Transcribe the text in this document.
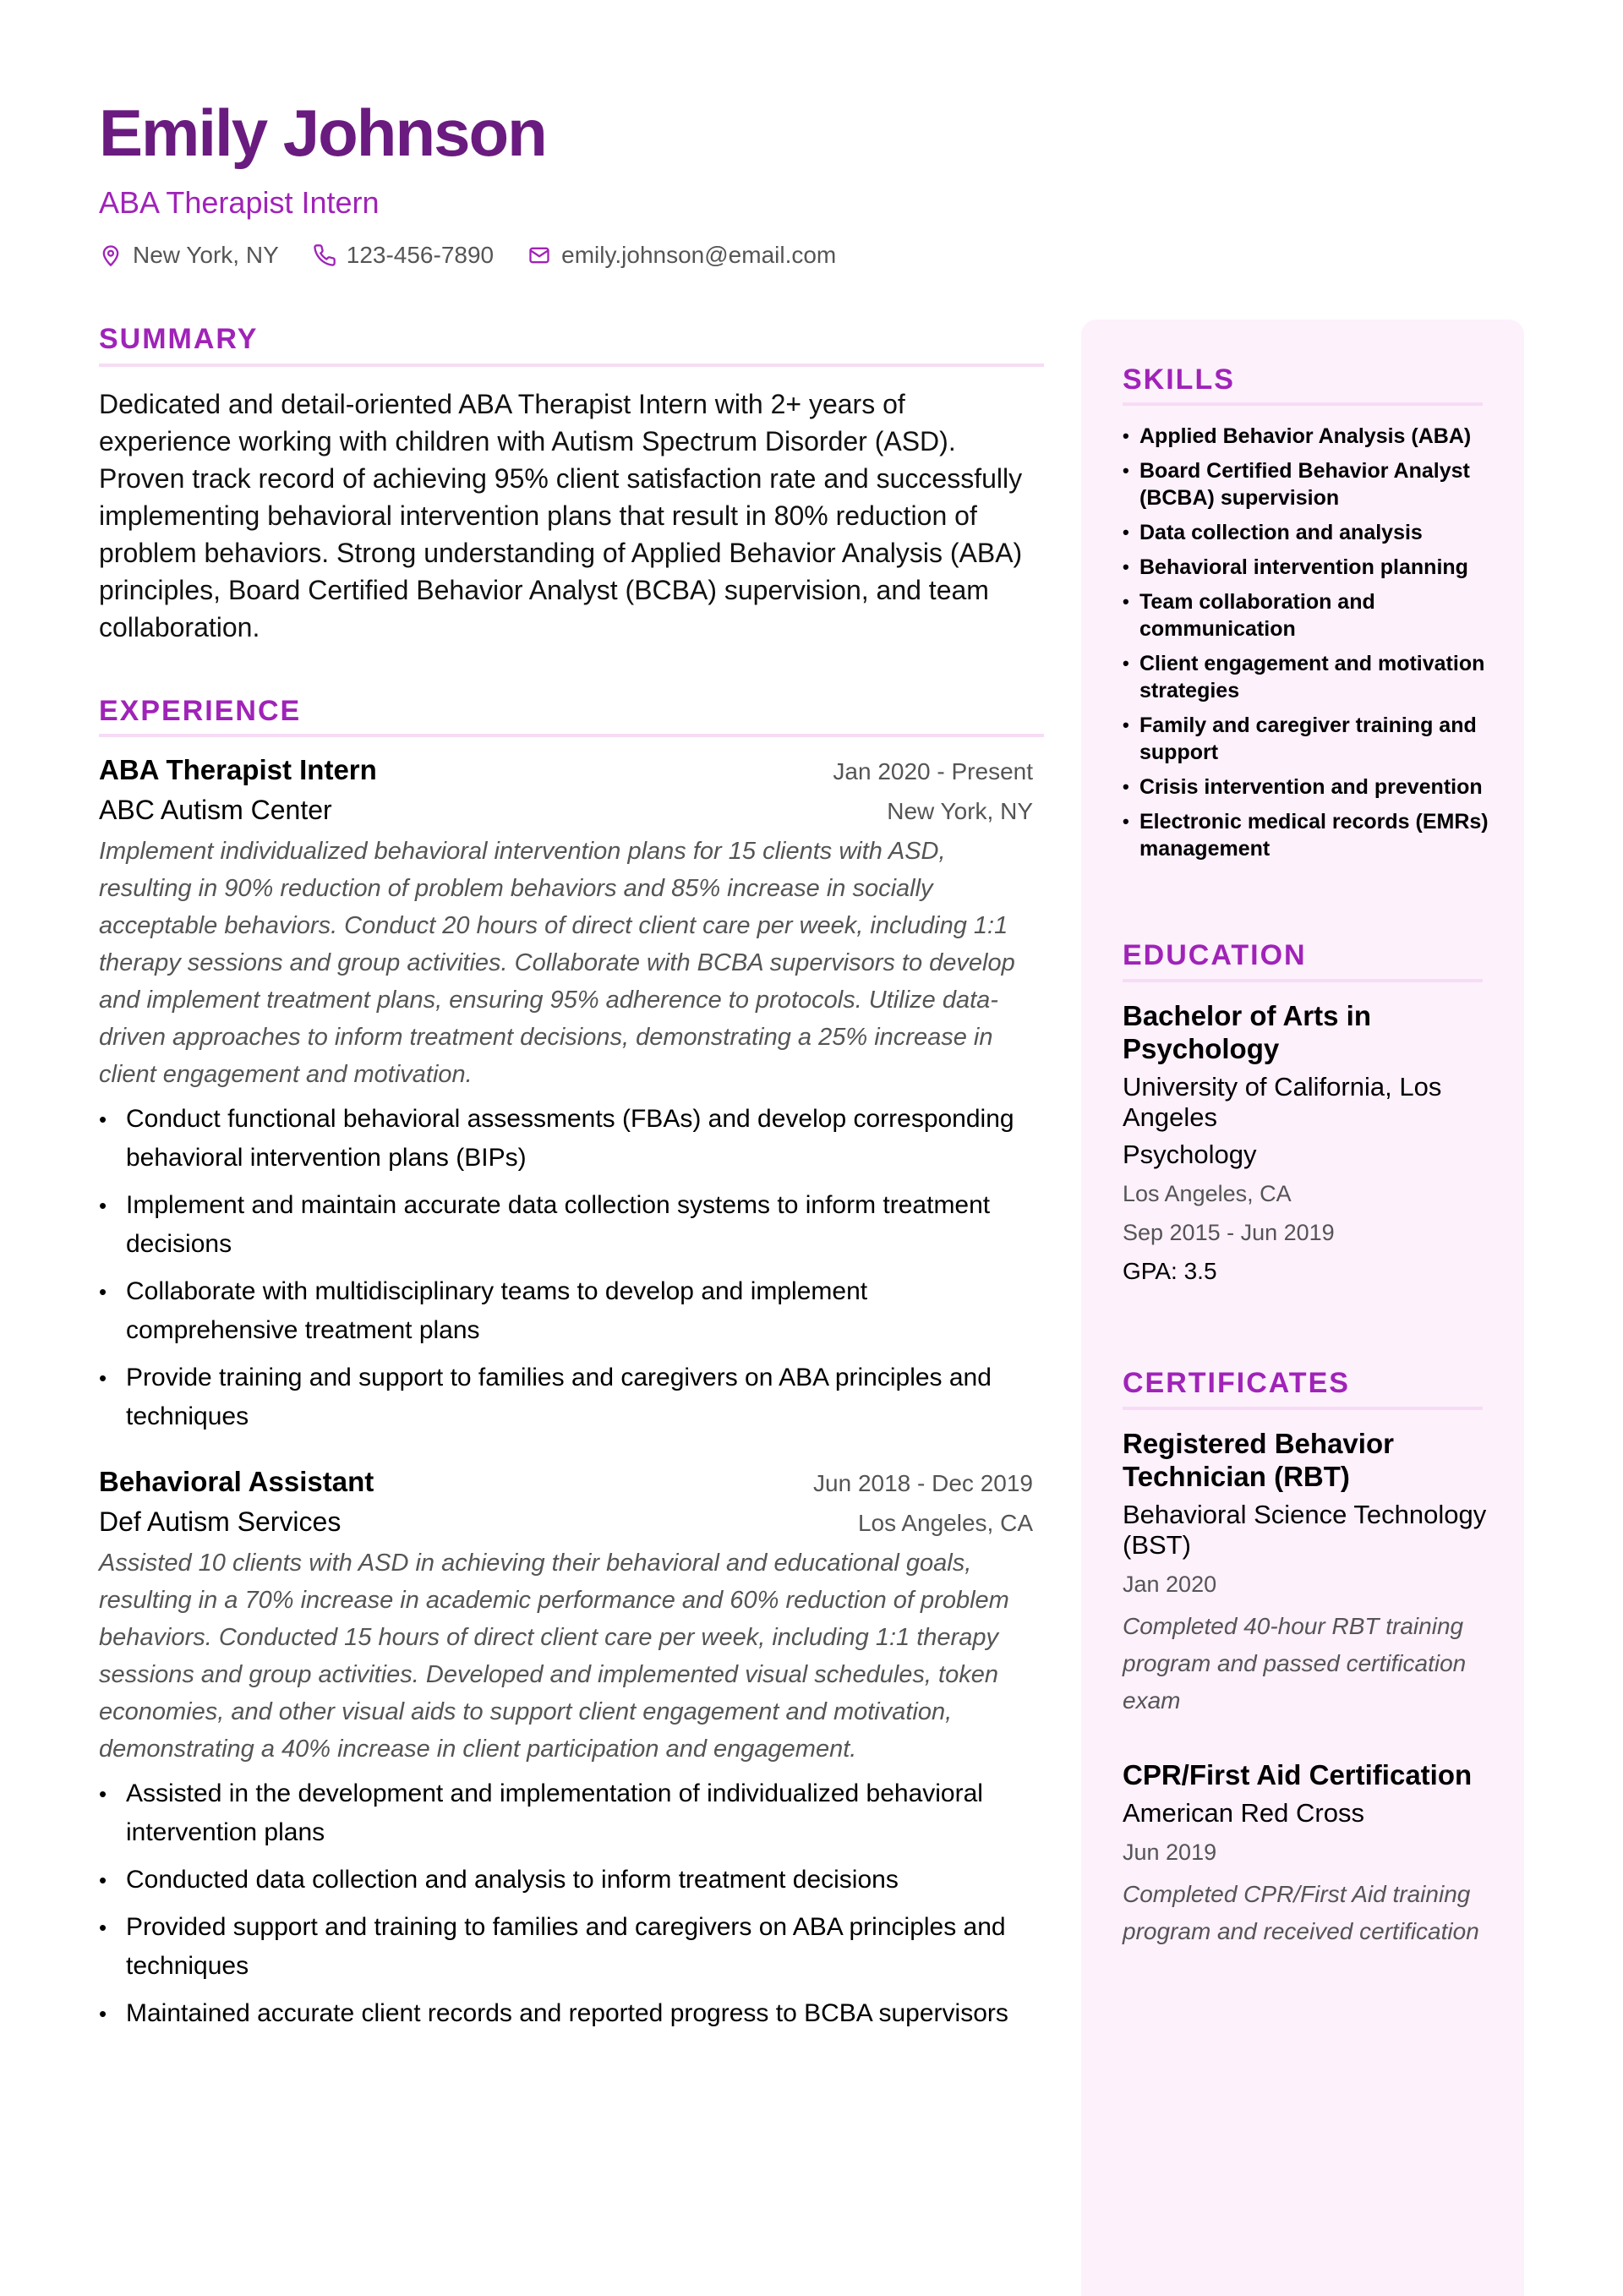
Emily Johnson
ABA Therapist Intern
New York, NY	123-456-7890	emily.johnson@email.com
SUMMARY
Dedicated and detail-oriented ABA Therapist Intern with 2+ years of experience working with children with Autism Spectrum Disorder (ASD). Proven track record of achieving 95% client satisfaction rate and successfully implementing behavioral intervention plans that result in 80% reduction of problem behaviors. Strong understanding of Applied Behavior Analysis (ABA) principles, Board Certified Behavior Analyst (BCBA) supervision, and team collaboration.
EXPERIENCE
ABA Therapist Intern	Jan 2020 - Present
ABC Autism Center	New York, NY
Implement individualized behavioral intervention plans for 15 clients with ASD, resulting in 90% reduction of problem behaviors and 85% increase in socially acceptable behaviors. Conduct 20 hours of direct client care per week, including 1:1 therapy sessions and group activities. Collaborate with BCBA supervisors to develop and implement treatment plans, ensuring 95% adherence to protocols. Utilize data-driven approaches to inform treatment decisions, demonstrating a 25% increase in client engagement and motivation.
• Conduct functional behavioral assessments (FBAs) and develop corresponding behavioral intervention plans (BIPs)
• Implement and maintain accurate data collection systems to inform treatment decisions
• Collaborate with multidisciplinary teams to develop and implement comprehensive treatment plans
• Provide training and support to families and caregivers on ABA principles and techniques
Behavioral Assistant	Jun 2018 - Dec 2019
Def Autism Services	Los Angeles, CA
Assisted 10 clients with ASD in achieving their behavioral and educational goals, resulting in a 70% increase in academic performance and 60% reduction of problem behaviors. Conducted 15 hours of direct client care per week, including 1:1 therapy sessions and group activities. Developed and implemented visual schedules, token economies, and other visual aids to support client engagement and motivation, demonstrating a 40% increase in client participation and engagement.
• Assisted in the development and implementation of individualized behavioral intervention plans
• Conducted data collection and analysis to inform treatment decisions
• Provided support and training to families and caregivers on ABA principles and techniques
• Maintained accurate client records and reported progress to BCBA supervisors
SKILLS
• Applied Behavior Analysis (ABA)
• Board Certified Behavior Analyst (BCBA) supervision
• Data collection and analysis
• Behavioral intervention planning
• Team collaboration and communication
• Client engagement and motivation strategies
• Family and caregiver training and support
• Crisis intervention and prevention
• Electronic medical records (EMRs) management
EDUCATION
Bachelor of Arts in Psychology
University of California, Los Angeles
Psychology
Los Angeles, CA
Sep 2015 - Jun 2019
GPA: 3.5
CERTIFICATES
Registered Behavior Technician (RBT)
Behavioral Science Technology (BST)
Jan 2020
Completed 40-hour RBT training program and passed certification exam
CPR/First Aid Certification
American Red Cross
Jun 2019
Completed CPR/First Aid training program and received certification
